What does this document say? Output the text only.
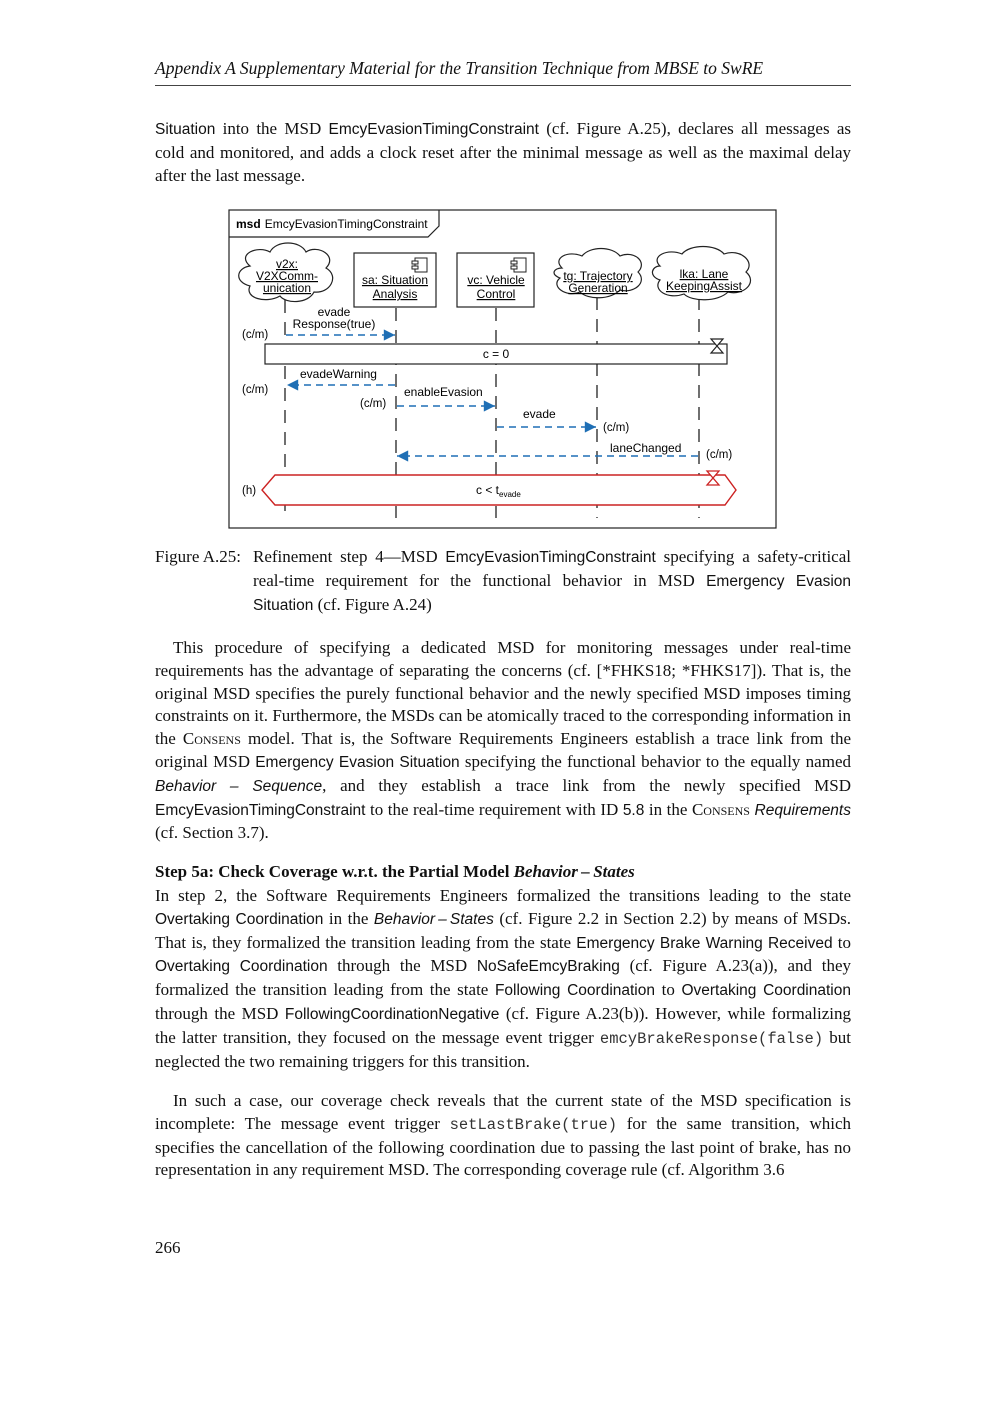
Appendix A Supplementary Material for the Transition Technique from MBSE to SwRE

Situation into the MSD EmcyEvasionTimingConstraint (cf. Figure A.25), declares all messages as cold and monitored, and adds a clock reset after the minimal message as well as the maximal delay after the last message.

msd EmcyEvasionTimingConstraint
v2x:
V2XComm-
unication
sa: Situation
Analysis
vc: Vehicle
Control
tg: Trajectory
Generation
lka: Lane
KeepingAssist
evade
Response(true)
(c/m)
c = 0
evadeWarning
(c/m)	enableEvasion
(c/m)
evade
(c/m)
laneChanged (c/m)
(h)	$c < t_{evade}$
Figure A.25: Refinement step 4—MSD EmcyEvasionTimingConstraint specifying a safety-critical real-time requirement for the functional behavior in MSD Emergency Evasion Situation (cf. Figure A.24)

This procedure of specifying a dedicated MSD for monitoring messages under real-time requirements has the advantage of separating the concerns (cf. [*FHKS18; *FHKS17]). That is, the original MSD specifies the purely functional behavior and the newly specified MSD imposes timing constraints on it. Furthermore, the MSDs can be atomically traced to the corresponding information in the Consens model. That is, the Software Requirements Engineers establish a trace link from the original MSD Emergency Evasion Situation specifying the functional behavior to the equally named Behavior – Sequence, and they establish a trace link from the newly specified MSD EmcyEvasionTimingConstraint to the real-time requirement with ID 5.8 in the Consens Requirements (cf. Section 3.7).

Step 5a: Check Coverage w.r.t. the Partial Model Behavior – States

In step 2, the Software Requirements Engineers formalized the transitions leading to the state Overtaking Coordination in the Behavior – States (cf. Figure 2.2 in Section 2.2) by means of MSDs. That is, they formalized the transition leading from the state Emergency Brake Warning Received to Overtaking Coordination through the MSD NoSafeEmcyBraking (cf. Figure A.23(a)), and they formalized the transition leading from the state Following Coordination to Overtaking Coordination through the MSD FollowingCoordinationNegative (cf. Figure A.23(b)). However, while formalizing the latter transition, they focused on the message event trigger emcyBrakeResponse(false) but neglected the two remaining triggers for this transition.

In such a case, our coverage check reveals that the current state of the MSD specification is incomplete: The message event trigger setLastBrake(true) for the same transition, which specifies the cancellation of the following coordination due to passing the last point of brake, has no representation in any requirement MSD. The corresponding coverage rule (cf. Algorithm 3.6

266
